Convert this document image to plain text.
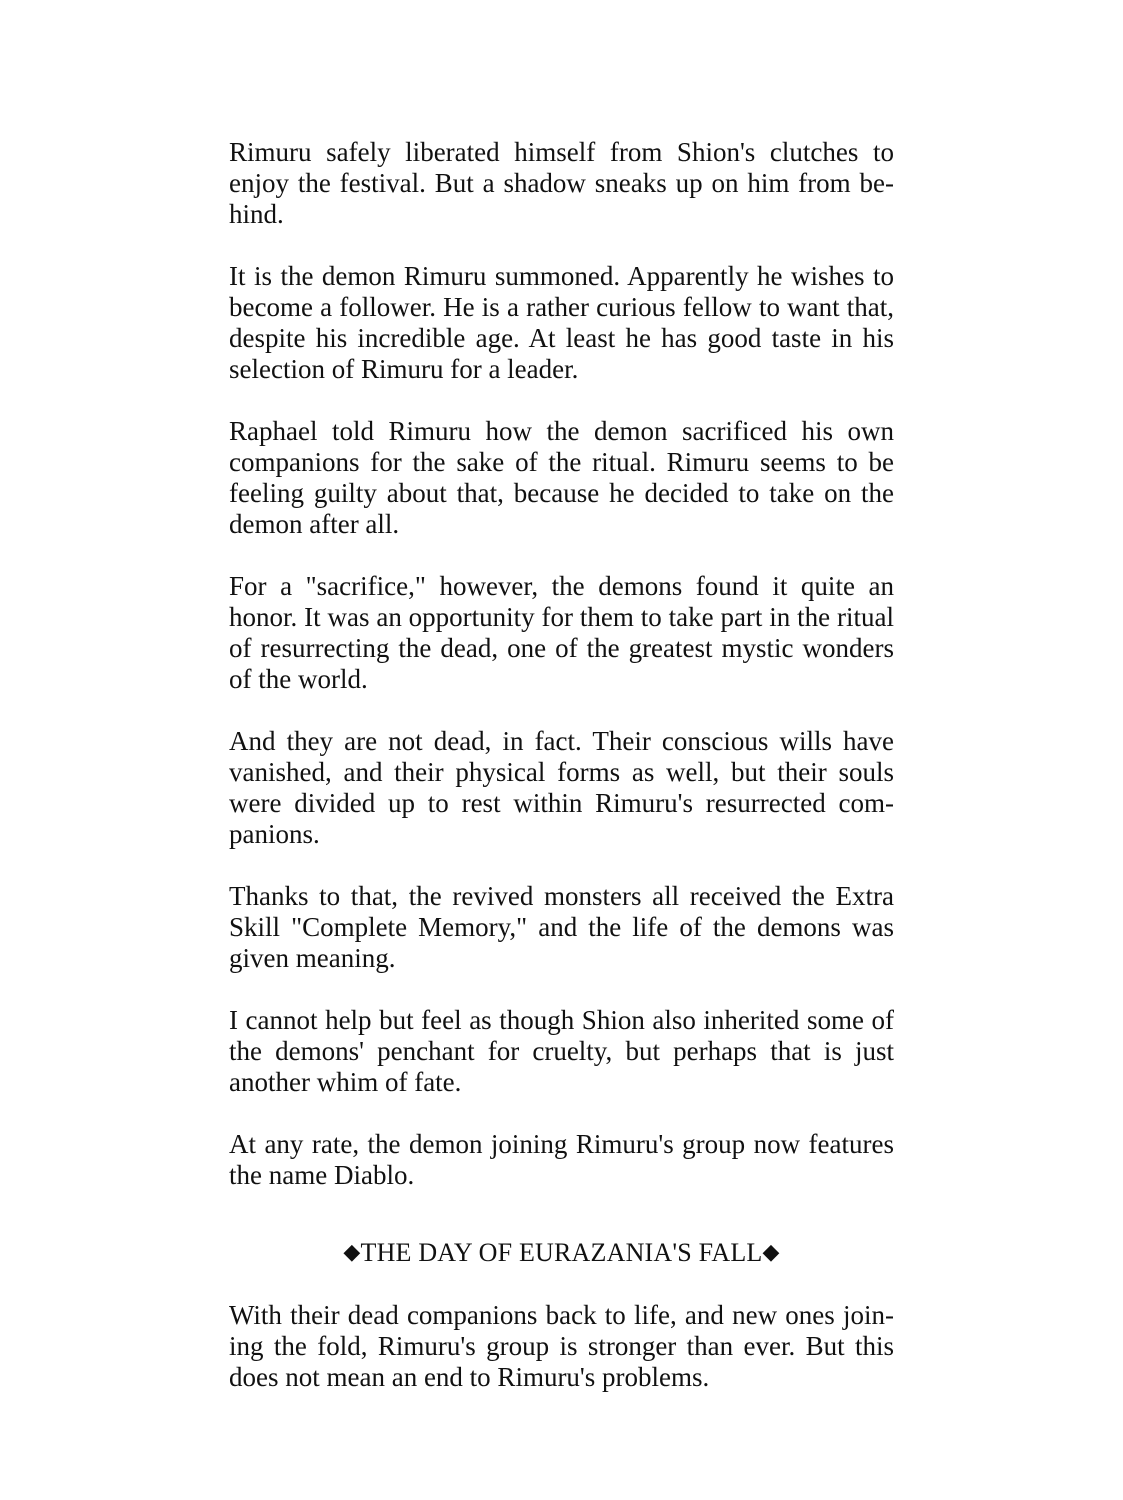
Rimuru safely liberated himself from Shion's clutches to enjoy the festival. But a shadow sneaks up on him from behind.

It is the demon Rimuru summoned. Apparently he wishes to become a follower. He is a rather curious fellow to want that, despite his incredible age. At least he has good taste in his selection of Rimuru for a leader.

Raphael told Rimuru how the demon sacrificed his own companions for the sake of the ritual. Rimuru seems to be feeling guilty about that, because he decided to take on the demon after all.

For a "sacrifice," however, the demons found it quite an honor. It was an opportunity for them to take part in the ritual of resurrecting the dead, one of the greatest mystic wonders of the world.

And they are not dead, in fact. Their conscious wills have vanished, and their physical forms as well, but their souls were divided up to rest within Rimuru's resurrected companions.

Thanks to that, the revived monsters all received the Extra Skill "Complete Memory," and the life of the demons was given meaning.

I cannot help but feel as though Shion also inherited some of the demons' penchant for cruelty, but perhaps that is just another whim of fate.

At any rate, the demon joining Rimuru's group now features the name Diablo.

◆THE DAY OF EURAZANIA'S FALL◆

With their dead companions back to life, and new ones joining the fold, Rimuru's group is stronger than ever. But this does not mean an end to Rimuru's problems.
